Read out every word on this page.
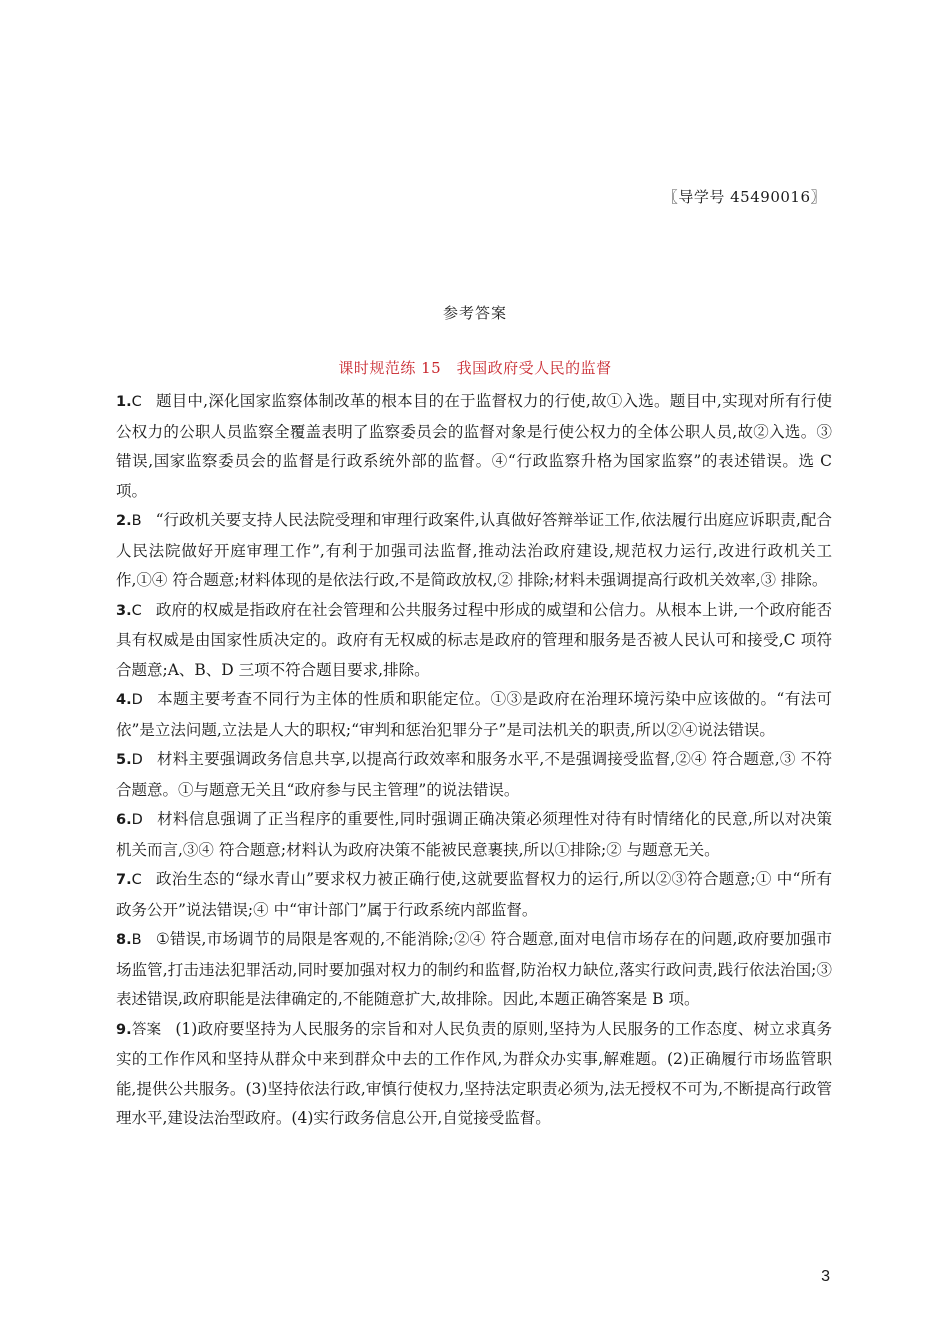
〖导学号 45490016〗
参考答案
课时规范练 15　我国政府受人民的监督

1.C 题目中,深化国家监察体制改革的根本目的在于监督权力的行使,故①入选。题目中,实现对所有行使公权力的公职人员监察全覆盖表明了监察委员会的监督对象是行使公权力的全体公职人员,故②入选。③错误,国家监察委员会的监督是行政系统外部的监督。④“行政监察升格为国家监察”的表述错误。选 C 项。

2.B “行政机关要支持人民法院受理和审理行政案件,认真做好答辩举证工作,依法履行出庭应诉职责,配合人民法院做好开庭审理工作”,有利于加强司法监督,推动法治政府建设,规范权力运行,改进行政机关工作,①④ 符合题意;材料体现的是依法行政,不是简政放权,② 排除;材料未强调提高行政机关效率,③ 排除。

3.C 政府的权威是指政府在社会管理和公共服务过程中形成的威望和公信力。从根本上讲,一个政府能否具有权威是由国家性质决定的。政府有无权威的标志是政府的管理和服务是否被人民认可和接受,C 项符合题意;A、B、D 三项不符合题目要求,排除。

4.D 本题主要考查不同行为主体的性质和职能定位。①③是政府在治理环境污染中应该做的。“有法可依”是立法问题,立法是人大的职权;“审判和惩治犯罪分子”是司法机关的职责,所以②④说法错误。

5.D 材料主要强调政务信息共享,以提高行政效率和服务水平,不是强调接受监督,②④ 符合题意,③ 不符合题意。①与题意无关且“政府参与民主管理”的说法错误。

6.D 材料信息强调了正当程序的重要性,同时强调正确决策必须理性对待有时情绪化的民意,所以对决策机关而言,③④ 符合题意;材料认为政府决策不能被民意裹挟,所以①排除;② 与题意无关。

7.C 政治生态的“绿水青山”要求权力被正确行使,这就要监督权力的运行,所以②③符合题意;① 中“所有政务公开”说法错误;④ 中“审计部门”属于行政系统内部监督。

8.B ①错误,市场调节的局限是客观的,不能消除;②④ 符合题意,面对电信市场存在的问题,政府要加强市场监管,打击违法犯罪活动,同时要加强对权力的制约和监督,防治权力缺位,落实行政问责,践行依法治国;③ 表述错误,政府职能是法律确定的,不能随意扩大,故排除。因此,本题正确答案是 B 项。

9.答案 (1)政府要坚持为人民服务的宗旨和对人民负责的原则,坚持为人民服务的工作态度、树立求真务实的工作作风和坚持从群众中来到群众中去的工作作风,为群众办实事,解难题。(2)正确履行市场监管职能,提供公共服务。(3)坚持依法行政,审慎行使权力,坚持法定职责必须为,法无授权不可为,不断提高行政管理水平,建设法治型政府。(4)实行政务信息公开,自觉接受监督。

3
